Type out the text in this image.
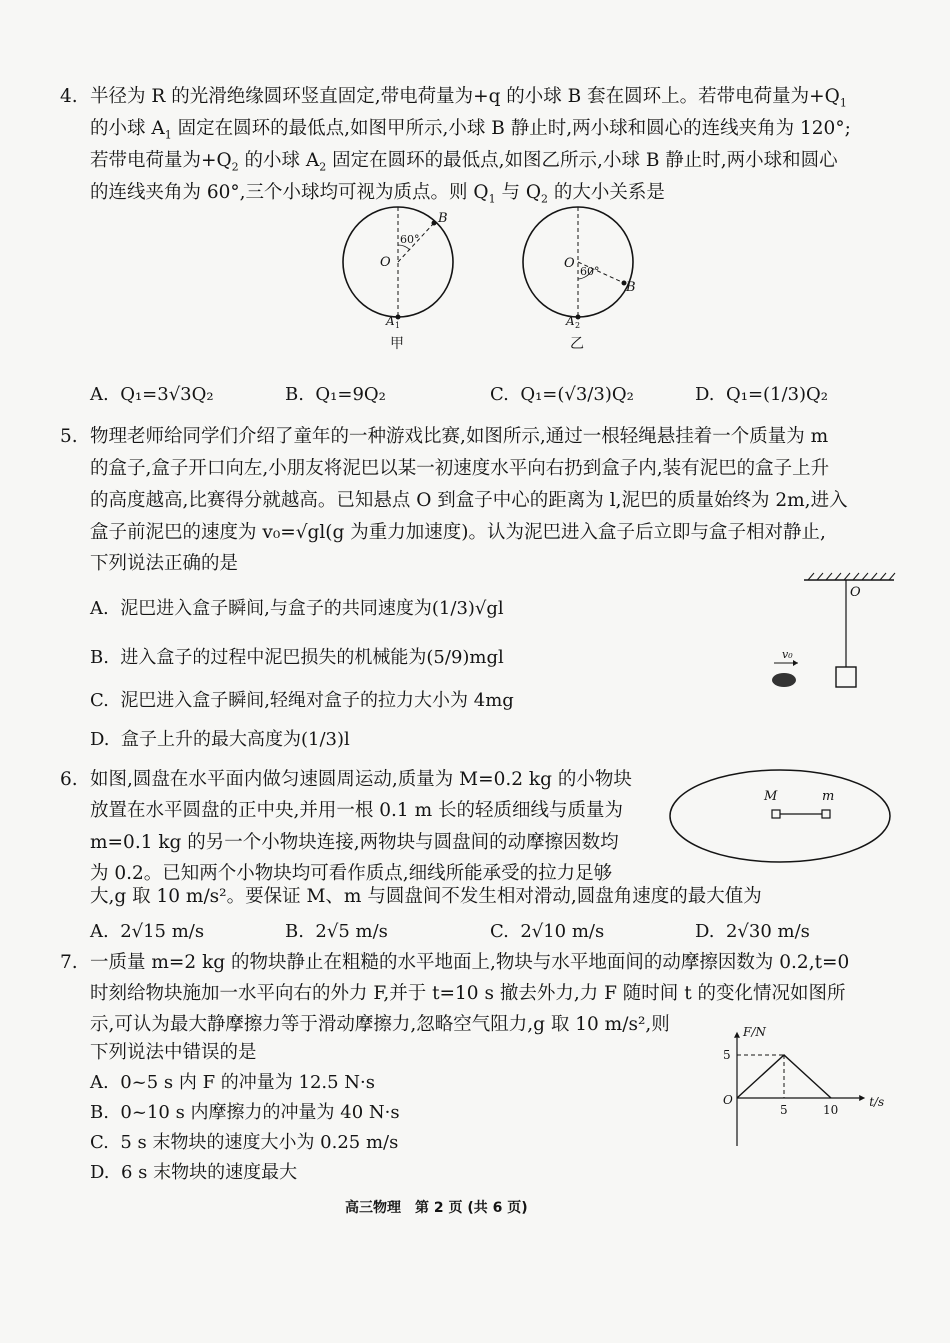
4. 半径为 R 的光滑绝缘圆环竖直固定,带电荷量为+q 的小球 B 套在圆环上。若带电荷量为$+Q_1$
的小球 $A_1$ 固定在圆环的最低点,如图甲所示,小球 B 静止时,两小球和圆心的连线夹角为 120°;
若带电荷量为$+Q_2$ 的小球 $A_2$ 固定在圆环的最低点,如图乙所示,小球 B 静止时,两小球和圆心
的连线夹角为 60°,三个小球均可视为质点。则 $Q_1$ 与 $Q_2$ 的大小关系是
B
O
60°
A 1
甲
B
O
60°
A 2
乙
A. Q₁=3√3Q₂	B. Q₁=9Q₂	C. Q₁=(√3/3)Q₂	D. Q₁=(1/3)Q₂
5. 物理老师给同学们介绍了童年的一种游戏比赛,如图所示,通过一根轻绳悬挂着一个质量为 m
的盒子,盒子开口向左,小朋友将泥巴以某一初速度水平向右扔到盒子内,装有泥巴的盒子上升
的高度越高,比赛得分就越高。已知悬点 O 到盒子中心的距离为 l,泥巴的质量始终为 2m,进入
盒子前泥巴的速度为 v₀=√gl(g 为重力加速度)。认为泥巴进入盒子后立即与盒子相对静止,
下列说法正确的是
A. 泥巴进入盒子瞬间,与盒子的共同速度为(1/3)√gl
B. 进入盒子的过程中泥巴损失的机械能为(5/9)mgl
C. 泥巴进入盒子瞬间,轻绳对盒子的拉力大小为 4mg
D. 盒子上升的最大高度为(1/3)l
O
v₀
6. 如图,圆盘在水平面内做匀速圆周运动,质量为 M=0.2 kg 的小物块
放置在水平圆盘的正中央,并用一根 0.1 m 长的轻质细线与质量为
m=0.1 kg 的另一个小物块连接,两物块与圆盘间的动摩擦因数均
为 0.2。已知两个小物块均可看作质点,细线所能承受的拉力足够
大,g 取 10 m/s²。要保证 M、m 与圆盘间不发生相对滑动,圆盘角速度的最大值为
M	m
A. 2√15 m/s	B. 2√5 m/s	C. 2√10 m/s	D. 2√30 m/s
7. 一质量 m=2 kg 的物块静止在粗糙的水平地面上,物块与水平地面间的动摩擦因数为 0.2,t=0
时刻给物块施加一水平向右的外力 F,并于 t=10 s 撤去外力,力 F 随时间 t 的变化情况如图所
示,可认为最大静摩擦力等于滑动摩擦力,忽略空气阻力,g 取 10 m/s²,则
下列说法中错误的是
A. 0~5 s 内 F 的冲量为 12.5 N·s
B. 0~10 s 内摩擦力的冲量为 40 N·s
C. 5 s 末物块的速度大小为 0.25 m/s
D. 6 s 末物块的速度最大
F/N
t/s
O
5	10
5
高三物理　第 2 页 (共 6 页)
